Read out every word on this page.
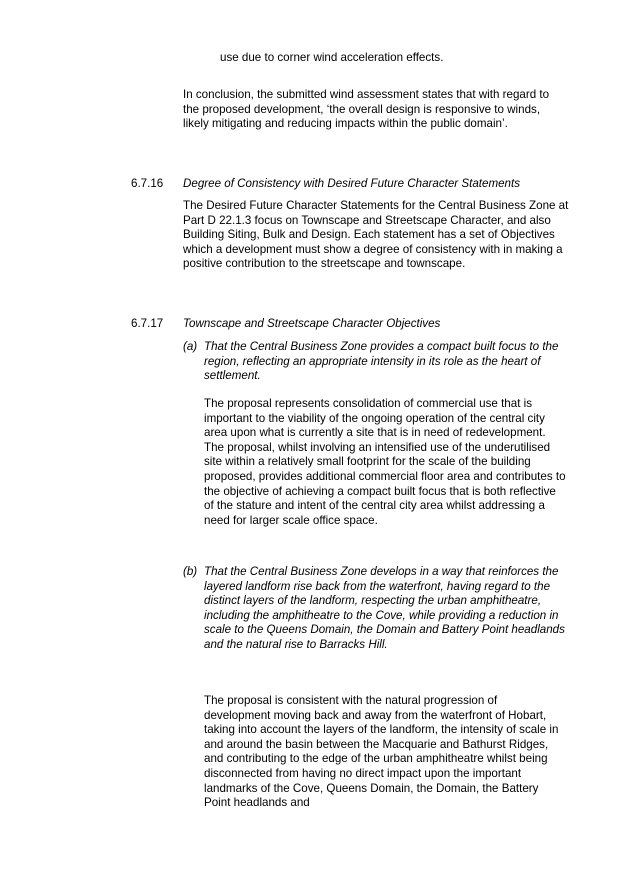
use due to corner wind acceleration effects.

In conclusion, the submitted wind assessment states that with regard to the proposed development, ‘the overall design is responsive to winds, likely mitigating and reducing impacts within the public domain’.

6.7.16 Degree of Consistency with Desired Future Character Statements

The Desired Future Character Statements for the Central Business Zone at Part D 22.1.3 focus on Townscape and Streetscape Character, and also Building Siting, Bulk and Design. Each statement has a set of Objectives which a development must show a degree of consistency with in making a positive contribution to the streetscape and townscape.

6.7.17 Townscape and Streetscape Character Objectives
(a) That the Central Business Zone provides a compact built focus to the region, reflecting an appropriate intensity in its role as the heart of settlement.

The proposal represents consolidation of commercial use that is important to the viability of the ongoing operation of the central city area upon what is currently a site that is in need of redevelopment. The proposal, whilst involving an intensified use of the underutilised site within a relatively small footprint for the scale of the building proposed, provides additional commercial floor area and contributes to the objective of achieving a compact built focus that is both reflective of the stature and intent of the central city area whilst addressing a need for larger scale office space.

(b) That the Central Business Zone develops in a way that reinforces the layered landform rise back from the waterfront, having regard to the distinct layers of the landform, respecting the urban amphitheatre, including the amphitheatre to the Cove, while providing a reduction in scale to the Queens Domain, the Domain and Battery Point headlands and the natural rise to Barracks Hill.

The proposal is consistent with the natural progression of development moving back and away from the waterfront of Hobart, taking into account the layers of the landform, the intensity of scale in and around the basin between the Macquarie and Bathurst Ridges, and contributing to the edge of the urban amphitheatre whilst being disconnected from having no direct impact upon the important landmarks of the Cove, Queens Domain, the Domain, the Battery Point headlands and
